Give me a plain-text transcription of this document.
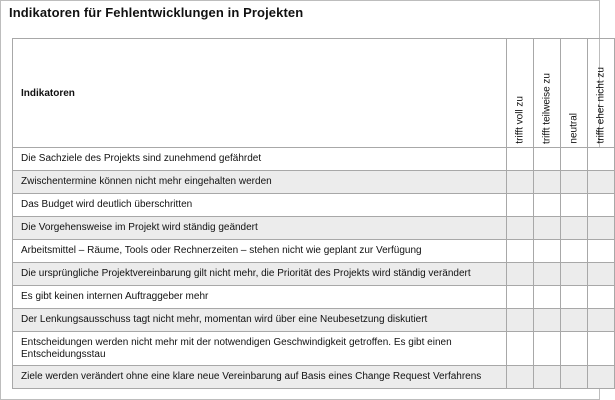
Indikatoren für Fehlentwicklungen in Projekten
Indikatoren	trifft voll zu	trifft teilweise zu	neutral	trifft eher nicht zu

Die Sachziele des Projekts sind zunehmend gefährdet				
Zwischentermine können nicht mehr eingehalten werden				
Das Budget wird deutlich überschritten				
Die Vorgehensweise im Projekt wird ständig geändert				
Arbeitsmittel – Räume, Tools oder Rechnerzeiten – stehen nicht wie geplant zur Verfügung				
Die ursprüngliche Projektvereinbarung gilt nicht mehr, die Priorität des Projekts wird ständig verändert				
Es gibt keinen internen Auftraggeber mehr				
Der Lenkungsausschuss tagt nicht mehr, momentan wird über eine Neubesetzung diskutiert				
Entscheidungen werden nicht mehr mit der notwendigen Geschwindigkeit getroffen. Es gibt einen Entscheidungsstau				
Ziele werden verändert ohne eine klare neue Vereinbarung auf Basis eines Change Request Verfahrens				
